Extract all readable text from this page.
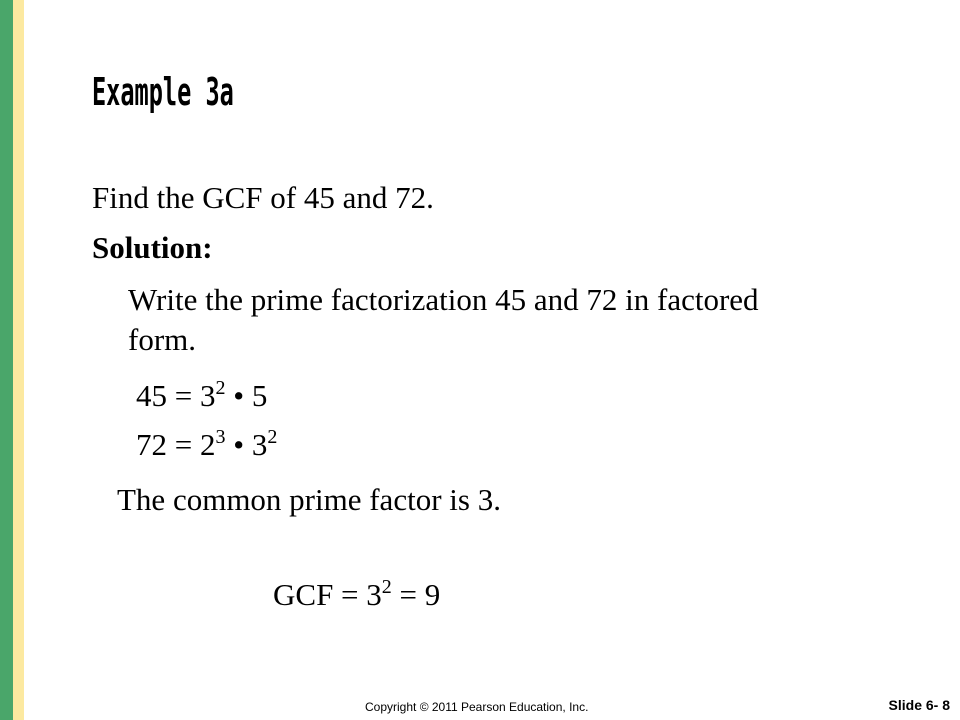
Example 3a
Find the GCF of 45 and 72.
Solution:
Write the prime factorization 45 and 72 in factored
form.
$45 = 3^2$ • 5
$72 = 2^3$ • $3^2$
The common prime factor is 3.
GCF = $3^2 = 9$
Copyright © 2011 Pearson Education, Inc.	Slide 6- 8
